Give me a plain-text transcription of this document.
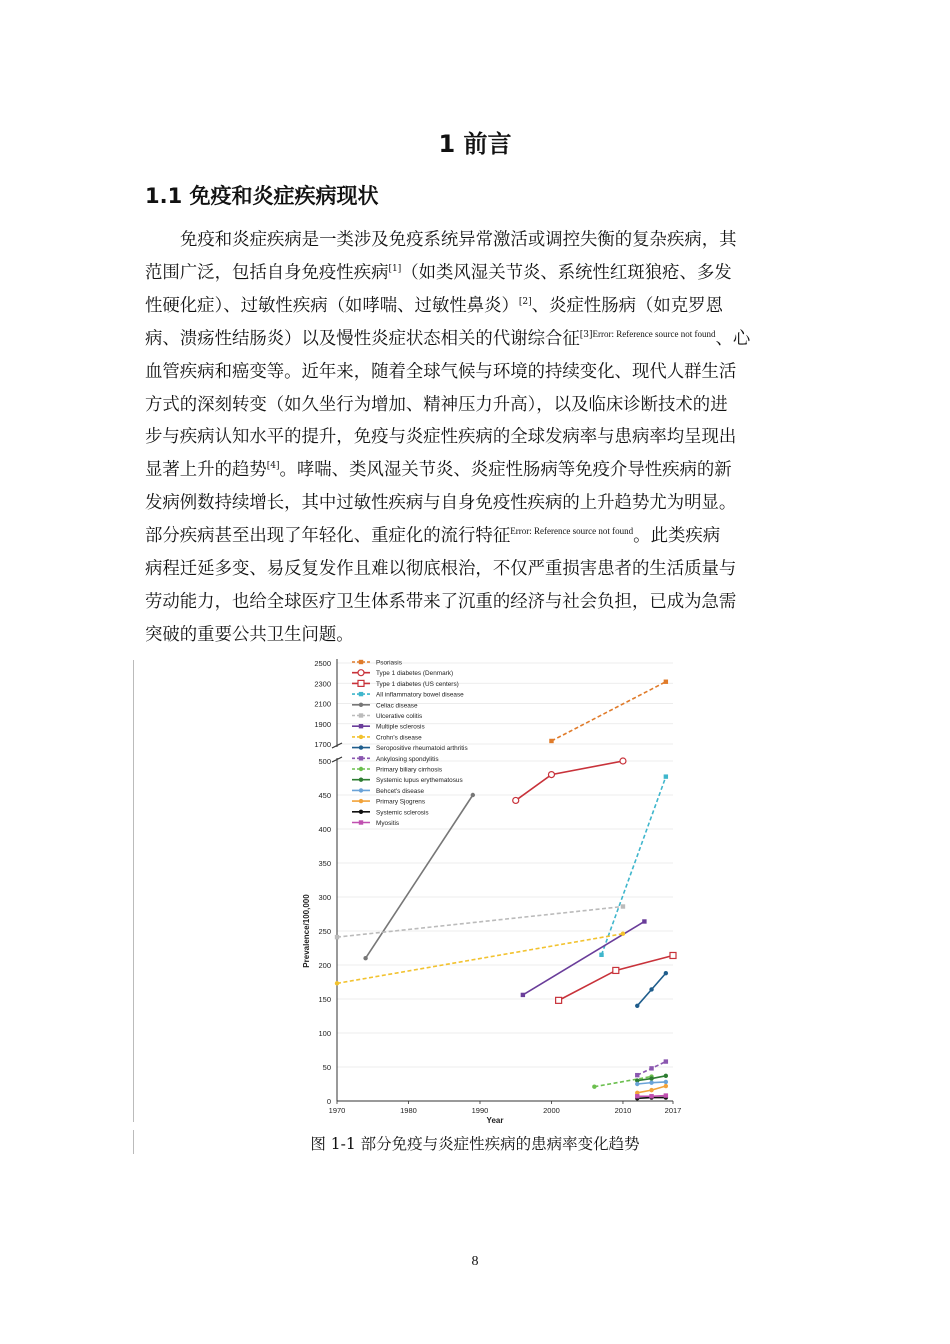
1 前言
1.1 免疫和炎症疾病现状
免疫和炎症疾病是一类涉及免疫系统异常激活或调控失衡的复杂疾病，其
范围广泛，包括自身免疫性疾病[1]（如类风湿关节炎、系统性红斑狼疮、多发
性硬化症）、过敏性疾病（如哮喘、过敏性鼻炎）[2]、炎症性肠病（如克罗恩
病、溃疡性结肠炎）以及慢性炎症状态相关的代谢综合征$^{[3]Error: Reference source not found}$、心
血管疾病和癌变等。近年来，随着全球气候与环境的持续变化、现代人群生活
方式的深刻转变（如久坐行为增加、精神压力升高），以及临床诊断技术的进
步与疾病认知水平的提升，免疫与炎症性疾病的全球发病率与患病率均呈现出
显著上升的趋势[4]。哮喘、类风湿关节炎、炎症性肠病等免疫介导性疾病的新
发病例数持续增长，其中过敏性疾病与自身免疫性疾病的上升趋势尤为明显。
部分疾病甚至出现了年轻化、重症化的流行特征$^{Error: Reference source not found}$。此类疾病
病程迁延多变、易反复发作且难以彻底根治，不仅严重损害患者的生活质量与
劳动能力，也给全球医疗卫生体系带来了沉重的经济与社会负担，已成为急需
突破的重要公共卫生问题。
0
50
100
150
200
250
300
350
400
450
500
1700
1900
2100
2300
2500
1970	1980	1990	2000	2010	2017
Year
Prevalence/100,000
Psoriasis
Type 1 diabetes (Denmark)
Type 1 diabetes (US centers)
All inflammatory bowel disease
Celiac disease
Ulcerative colitis
Multiple sclerosis
Crohn's disease
Seropositive rheumatoid arthritis
Ankylosing spondylitis
Primary biliary cirrhosis
Systemic lupus erythematosus
Behcet's disease
Primary Sjogrens
Systemic sclerosis
Myositis
图 1-1 部分免疫与炎症性疾病的患病率变化趋势
8
